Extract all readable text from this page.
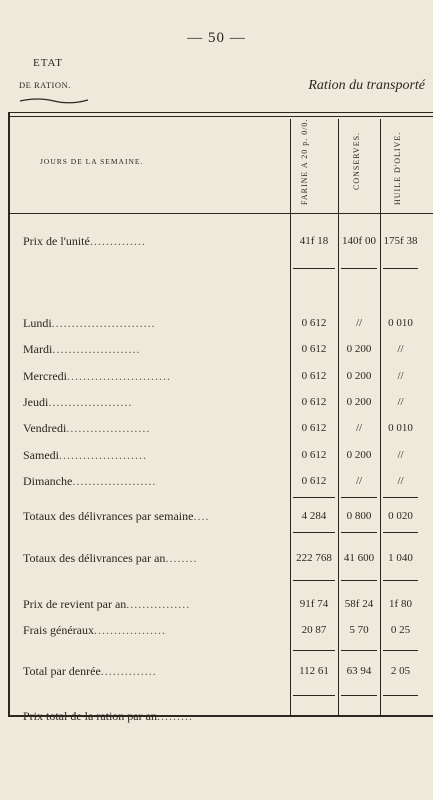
— 50 —
ETAT
DE RATION.	Ration du transporté
JOURS DE LA SEMAINE.	FARINE A 20 p. 0/0.	CONSERVES.	HUILE D'OLIVE.
Prix de l'unité..............	41f 18	140f 00 175f 38
Lundi..........................	0 612	//	0 010
Mardi......................	0 612	0 200	//
Mercredi..........................	0 612	0 200	//
Jeudi.....................	0 612	0 200	//
Vendredi.....................	0 612	//	0 010
Samedi......................	0 612	0 200	//
Dimanche.....................	0 612	//	//
Totaux des délivrances par semaine....	4 284	0 800	0 020
Totaux des délivrances par an........	222 768	41 600	1 040
Prix de revient par an................	91f 74	58f 24	1f 80
Frais généraux..................	20 87	5 70	0 25
Total par denrée..............	112 61	63 94	2 05
Prix total de la ration par an.........
